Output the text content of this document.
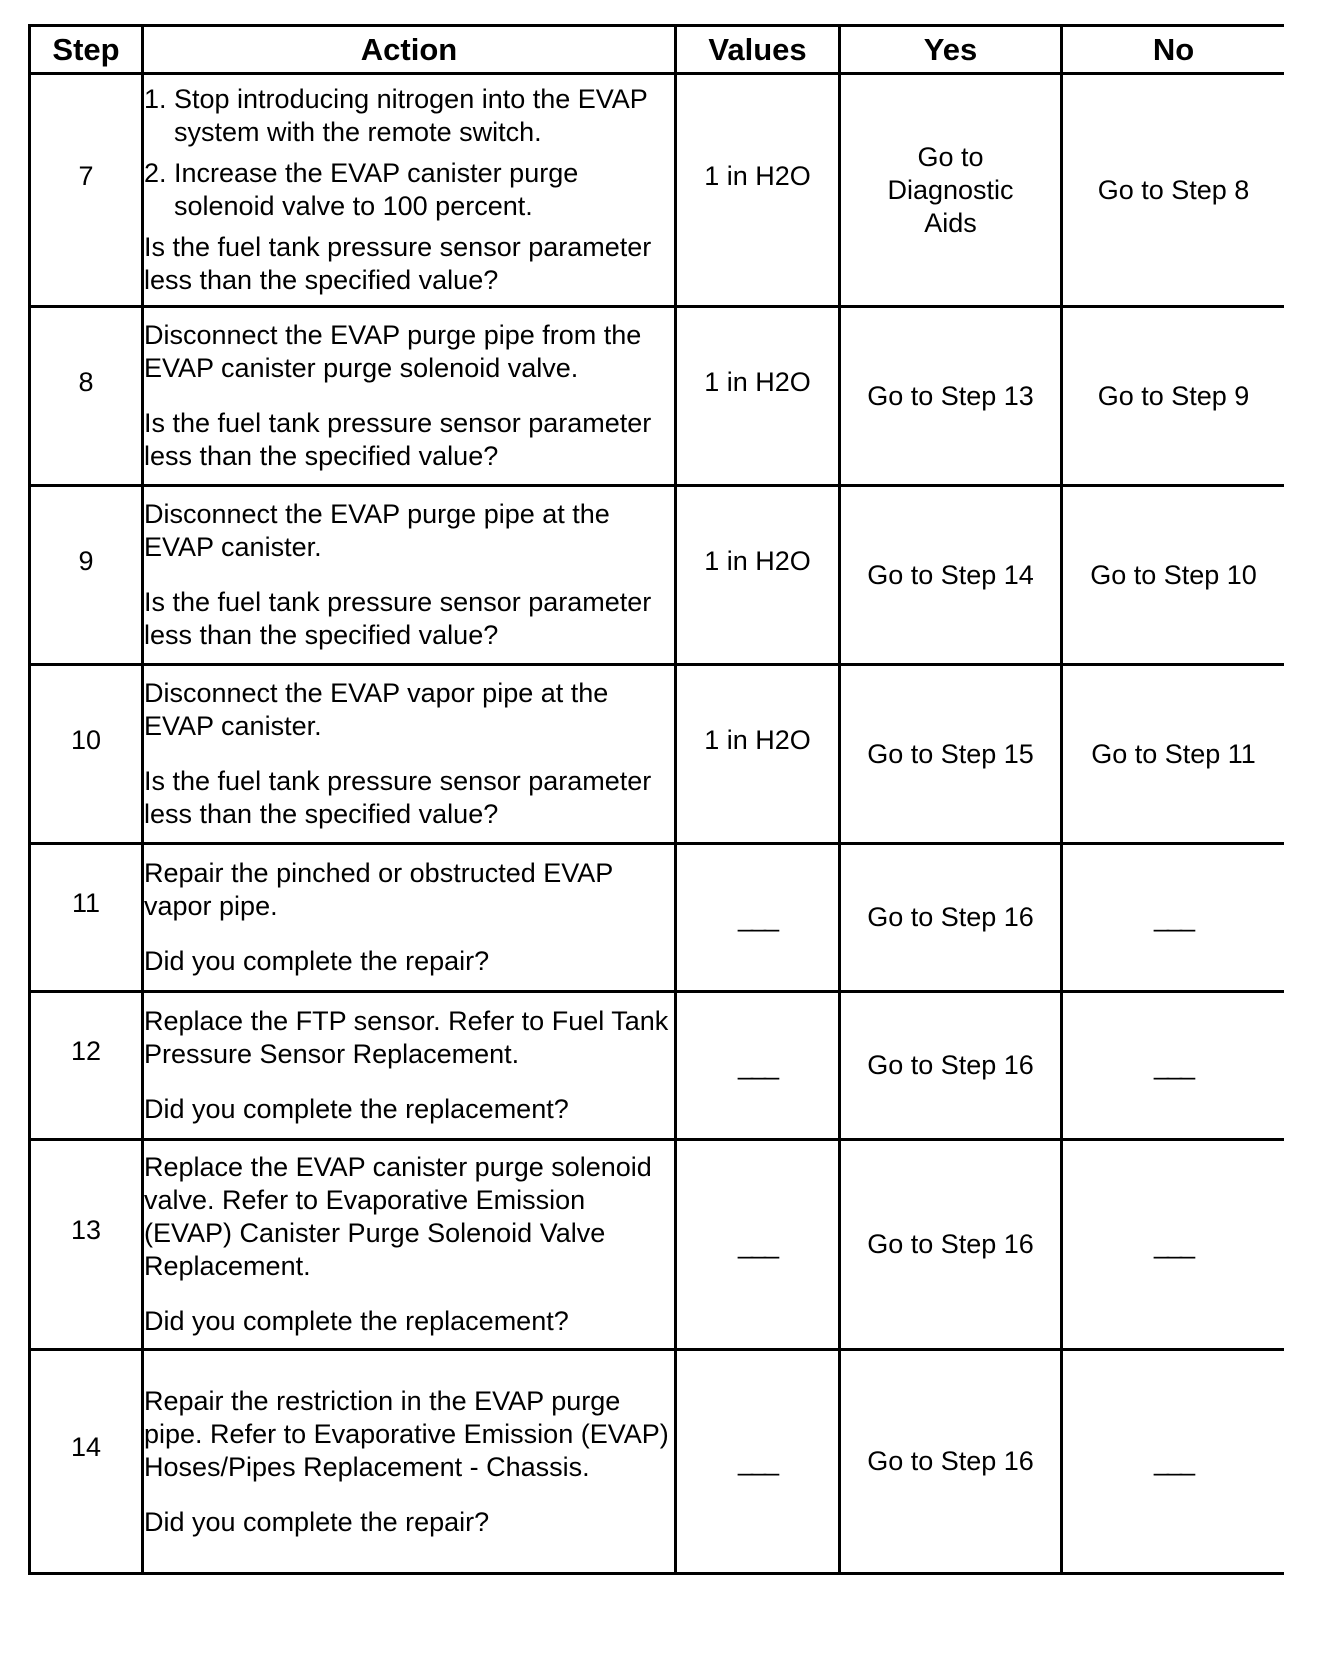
Step	Action	Values	Yes	No
7	1. Stop introducing nitrogen into the EVAP system with the remote switch.
2. Increase the EVAP canister purge solenoid valve to 100 percent.
Is the fuel tank pressure sensor parameter less than the specified value?	1 in H2O	Go to Diagnostic Aids	Go to Step 8
8	Disconnect the EVAP purge pipe from the EVAP canister purge solenoid valve.
Is the fuel tank pressure sensor parameter less than the specified value?	1 in H2O	Go to Step 13	Go to Step 9
9	Disconnect the EVAP purge pipe at the EVAP canister.
Is the fuel tank pressure sensor parameter less than the specified value?	1 in H2O	Go to Step 14	Go to Step 10
10	Disconnect the EVAP vapor pipe at the EVAP canister.
Is the fuel tank pressure sensor parameter less than the specified value?	1 in H2O	Go to Step 15	Go to Step 11
11	Repair the pinched or obstructed EVAP vapor pipe.
Did you complete the repair?	___	Go to Step 16	___
12	Replace the FTP sensor. Refer to Fuel Tank Pressure Sensor Replacement.
Did you complete the replacement?	___	Go to Step 16	___
13	Replace the EVAP canister purge solenoid valve. Refer to Evaporative Emission (EVAP) Canister Purge Solenoid Valve Replacement.
Did you complete the replacement?	___	Go to Step 16	___
14	Repair the restriction in the EVAP purge pipe. Refer to Evaporative Emission (EVAP) Hoses/Pipes Replacement - Chassis.
Did you complete the repair?	___	Go to Step 16	___
